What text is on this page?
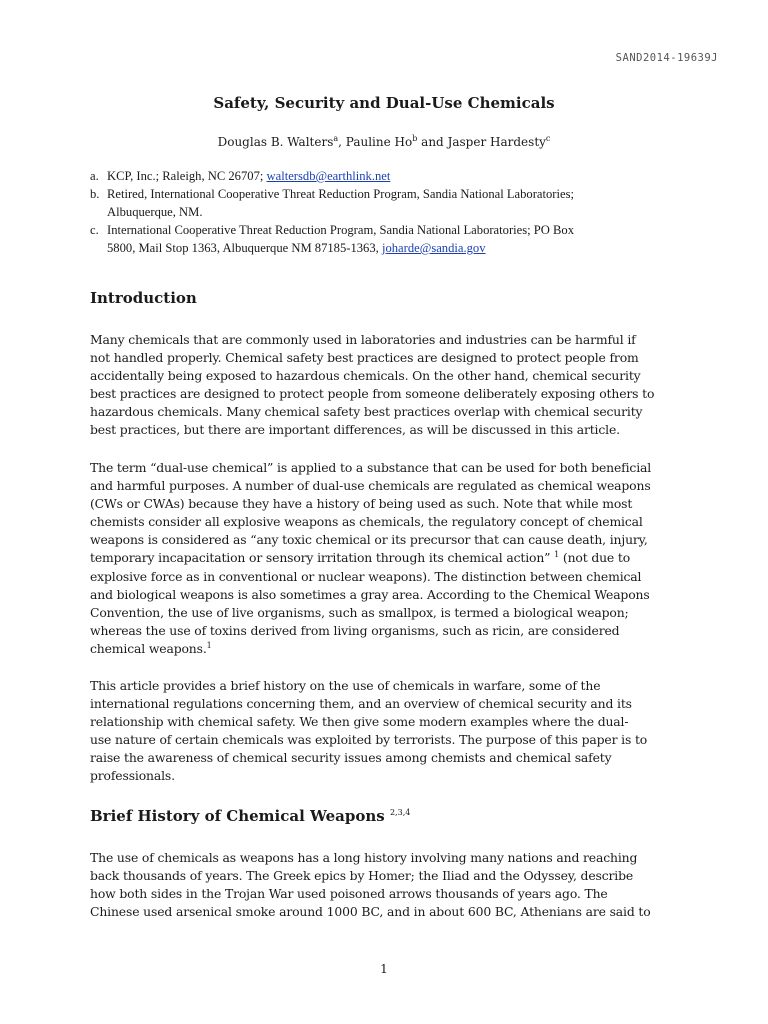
SAND2014-19639J
Safety, Security and Dual-Use Chemicals

Douglas B. Walters$^a$, Pauline Ho$^b$ and Jasper Hardesty$^c$

a. KCP, Inc.; Raleigh, NC 26707; waltersdb@earthlink.net
b. Retired, International Cooperative Threat Reduction Program, Sandia National Laboratories;
Albuquerque, NM.
c. International Cooperative Threat Reduction Program, Sandia National Laboratories; PO Box
5800, Mail Stop 1363, Albuquerque NM 87185-1363, joharde@sandia.gov
Introduction

Many chemicals that are commonly used in laboratories and industries can be harmful if
not handled properly. Chemical safety best practices are designed to protect people from
accidentally being exposed to hazardous chemicals. On the other hand, chemical security
best practices are designed to protect people from someone deliberately exposing others to
hazardous chemicals. Many chemical safety best practices overlap with chemical security
best practices, but there are important differences, as will be discussed in this article.

The term “dual-use chemical” is applied to a substance that can be used for both beneficial
and harmful purposes. A number of dual-use chemicals are regulated as chemical weapons
(CWs or CWAs) because they have a history of being used as such. Note that while most
chemists consider all explosive weapons as chemicals, the regulatory concept of chemical
weapons is considered as “any toxic chemical or its precursor that can cause death, injury,
temporary incapacitation or sensory irritation through its chemical action” $^1$ (not due to
explosive force as in conventional or nuclear weapons). The distinction between chemical
and biological weapons is also sometimes a gray area. According to the Chemical Weapons
Convention, the use of live organisms, such as smallpox, is termed a biological weapon;
whereas the use of toxins derived from living organisms, such as ricin, are considered
chemical weapons.$^1$

This article provides a brief history on the use of chemicals in warfare, some of the
international regulations concerning them, and an overview of chemical security and its
relationship with chemical safety. We then give some modern examples where the dual-
use nature of certain chemicals was exploited by terrorists. The purpose of this paper is to
raise the awareness of chemical security issues among chemists and chemical safety
professionals.

Brief History of Chemical Weapons $^{2,3,4}$

The use of chemicals as weapons has a long history involving many nations and reaching
back thousands of years. The Greek epics by Homer; the Iliad and the Odyssey, describe
how both sides in the Trojan War used poisoned arrows thousands of years ago. The
Chinese used arsenical smoke around 1000 BC, and in about 600 BC, Athenians are said to

1
